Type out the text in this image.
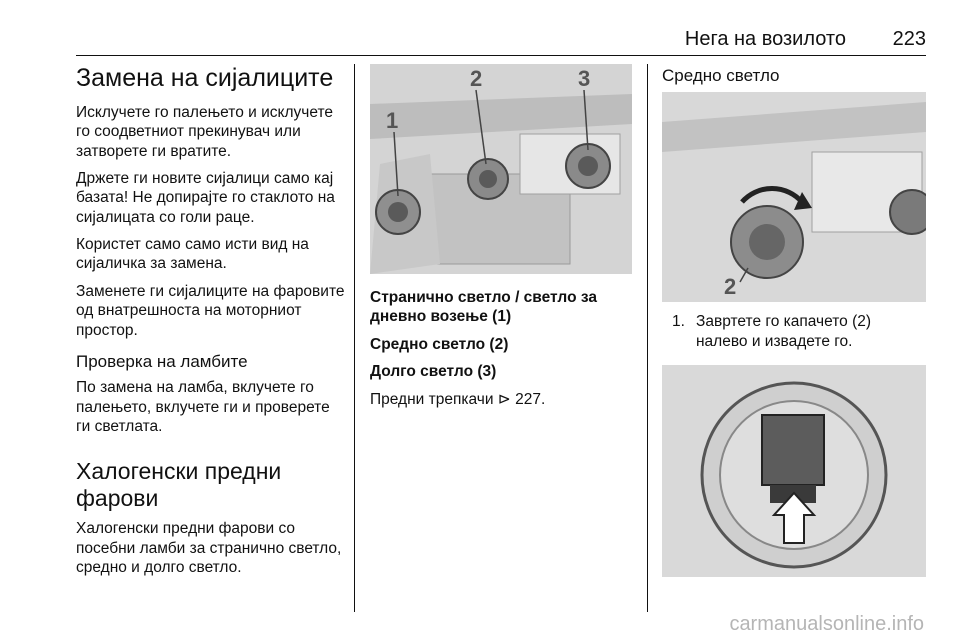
Нега на возилото 223
Замена на сијалиците

Исклучете го палењето и исклучете го соодветниот прекинувач или затворете ги вратите.

Држете ги новите сијалици само кај базата! Не допирајте го стаклото на сијалицата со голи раце.

Користет само само исти вид на сијаличка за замена.

Заменете ги сијалиците на фаровите од внатрешноста на моторниот простор.

Проверка на ламбите

По замена на ламба, вклучете го палењето, вклучете ги и проверете ги светлата.

Халогенски предни фарови

Халогенски предни фарови со посебни ламби за странично светло, средно и долго светло.

1
2	3

Странично светло / светло за дневно возење (1)

Средно светло (2)

Долго светло (3)

Предни трепкачи ⊳ 227.

Средно светло
2
1. Завртете го капачето (2) налево и извадете го.
carmanualsonline.info
